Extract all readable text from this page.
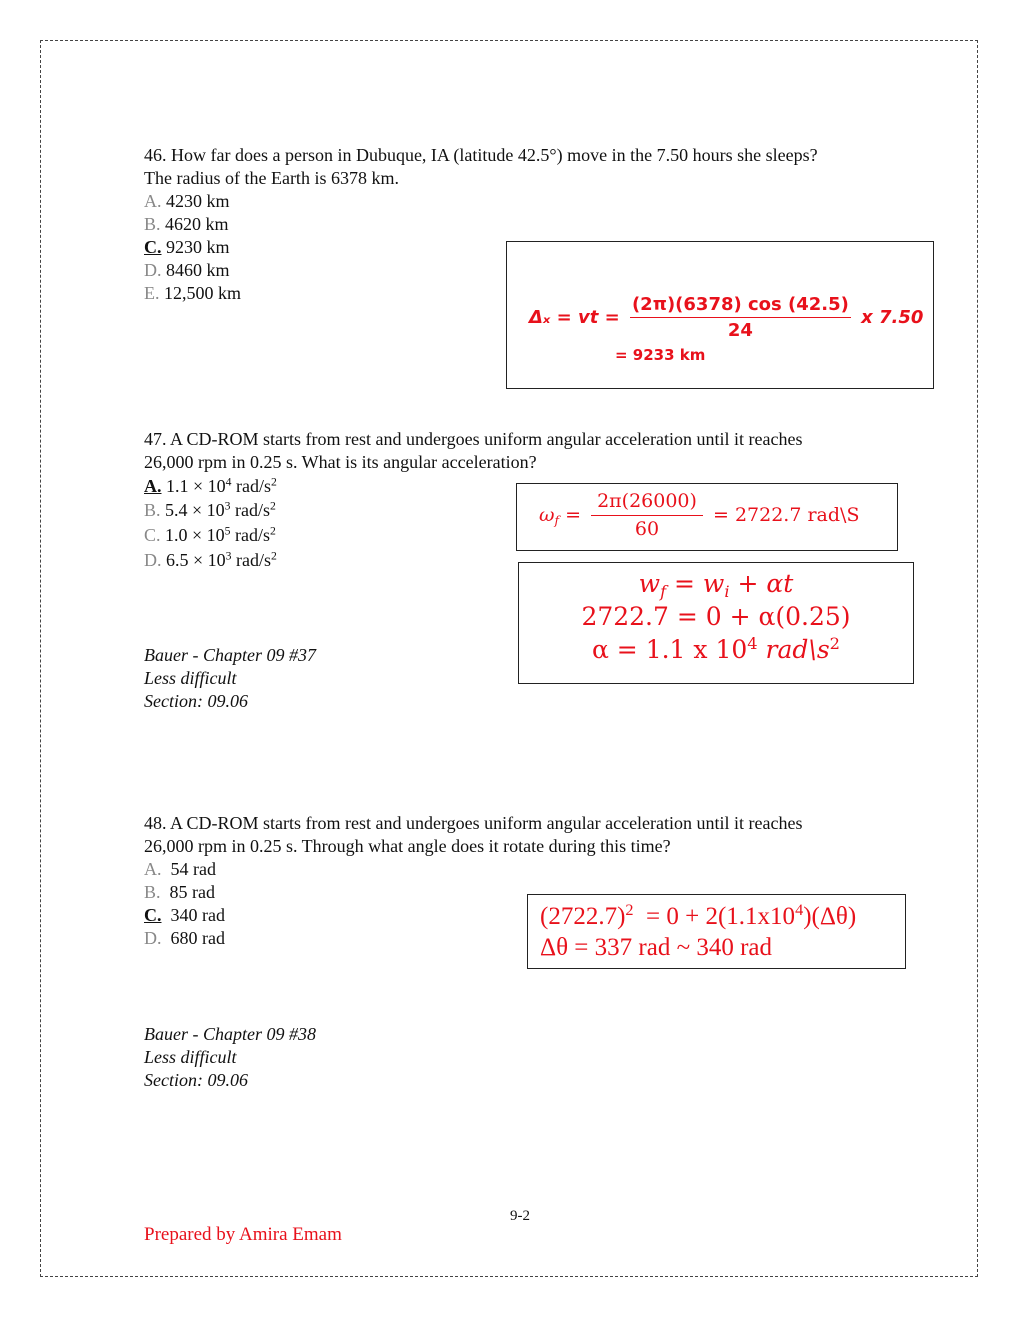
46. How far does a person in Dubuque, IA (latitude 42.5°) move in the 7.50 hours she sleeps?
The radius of the Earth is 6378 km.
A. 4230 km
B. 4620 km
C. 9230 km
D. 8460 km
E. 12,500 km
Δₓ = vt = $\frac{(2\pi)(6378) \cos (42.5)}{24}$ x 7.50
= 9233 km
47. A CD-ROM starts from rest and undergoes uniform angular acceleration until it reaches
26,000 rpm in 0.25 s. What is its angular acceleration?
A. $1.1 \times 10^4$ rad/$s^2$
B. $5.4 \times 10^3$ rad/$s^2$
C. $1.0 \times 10^5$ rad/$s^2$
D. $6.5 \times 10^3$ rad/$s^2$
$\omega_f = \frac{2\pi(26000)}{60} = 2722.7$ rad\S
$w_f = w_i + \alpha t$
2722.7 = 0 + α(0.25)
α = 1.1 x $10^4$ $rad\backslash s^2$
Bauer - Chapter 09 #37
Less difficult
Section: 09.06
48. A CD-ROM starts from rest and undergoes uniform angular acceleration until it reaches
26,000 rpm in 0.25 s. Through what angle does it rotate during this time?
A.  54 rad
B.  85 rad
C.  340 rad
D.  680 rad
$(2722.7)^2 = 0 + 2(1.1x10^4)(\Delta\theta)$
Δθ = 337 rad ~ 340 rad
Bauer - Chapter 09 #38
Less difficult
Section: 09.06
9-2
Prepared by Amira Emam
